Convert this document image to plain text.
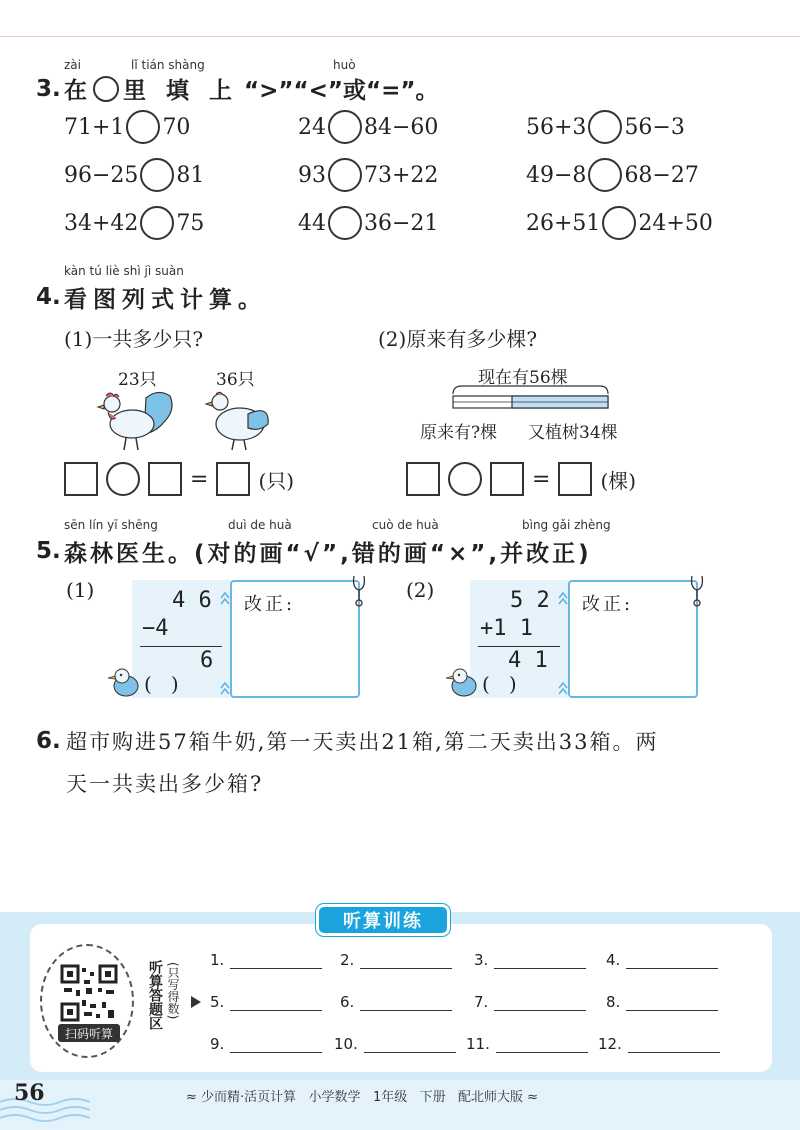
zài	lǐ tián shàng	huò
3. 在 里 填 上 “>”“<”或“=”。
71+1 70	24 84−60	56+3 56−3
96−25 81	93 73+22	49−8 68−27
34+42 75	44 36−21	26+51 24+50
kàn tú liè shì jì suàn
4. 看图列式计算。
(1)一共多少只?	(2)原来有多少棵?
23只	36只	现在有56棵
原来有?棵 又植树34棵
=	(只)	=	(棵)
sēn lín yī shēng	duì de huà	cuò de huà	bìng gǎi zhèng
5. 森林医生。(对的画“√”,错的画“×”,并改正)
(1)	4 6
−4
6
改正:
(   )
(2)	5 2
+1 1
4 1
改正:
(   )
6. 超市购进57箱牛奶,第一天卖出21箱,第二天卖出33箱。两
天一共卖出多少箱?
听算训练
扫码听算
听算答题区 (只写得数)
1.	2.	3.	4.
5.	6.	7.	8.
9.	10.	11.	12.
56	≈ 少而精·活页计算   小学数学   1年级   下册   配北师大版 ≈
